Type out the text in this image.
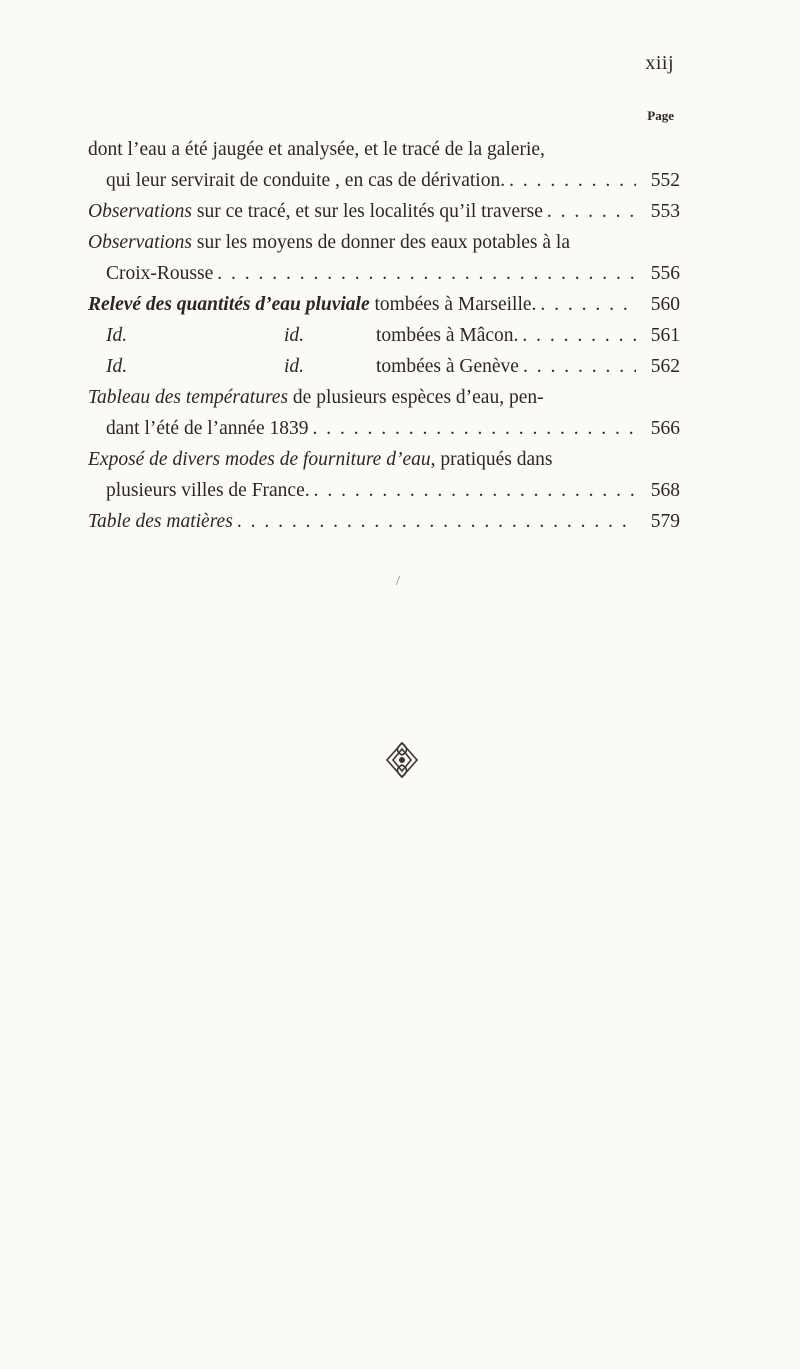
xiij
Page
dont l’eau a été jaugée et analysée, et le tracé de la galerie,
qui leur servirait de conduite , en cas de dérivation. . . .	552
Observations sur ce tracé, et sur les localités qu’il traverse . . .	553
Observations sur les moyens de donner des eaux potables à la
Croix-Rousse . . .	556
Relevé des quantités d’eau pluviale tombées à Marseille. . . .	560
Id.	id.	tombées à Mâcon. . . .	561
Id.	id.	tombées à Genève . . .	562
Tableau des températures de plusieurs espèces d’eau, pen-
dant l’été de l’année 1839 . . .	566
Exposé de divers modes de fourniture d’eau, pratiqués dans
plusieurs villes de France. . . .	568
Table des matières . . .	579
/
